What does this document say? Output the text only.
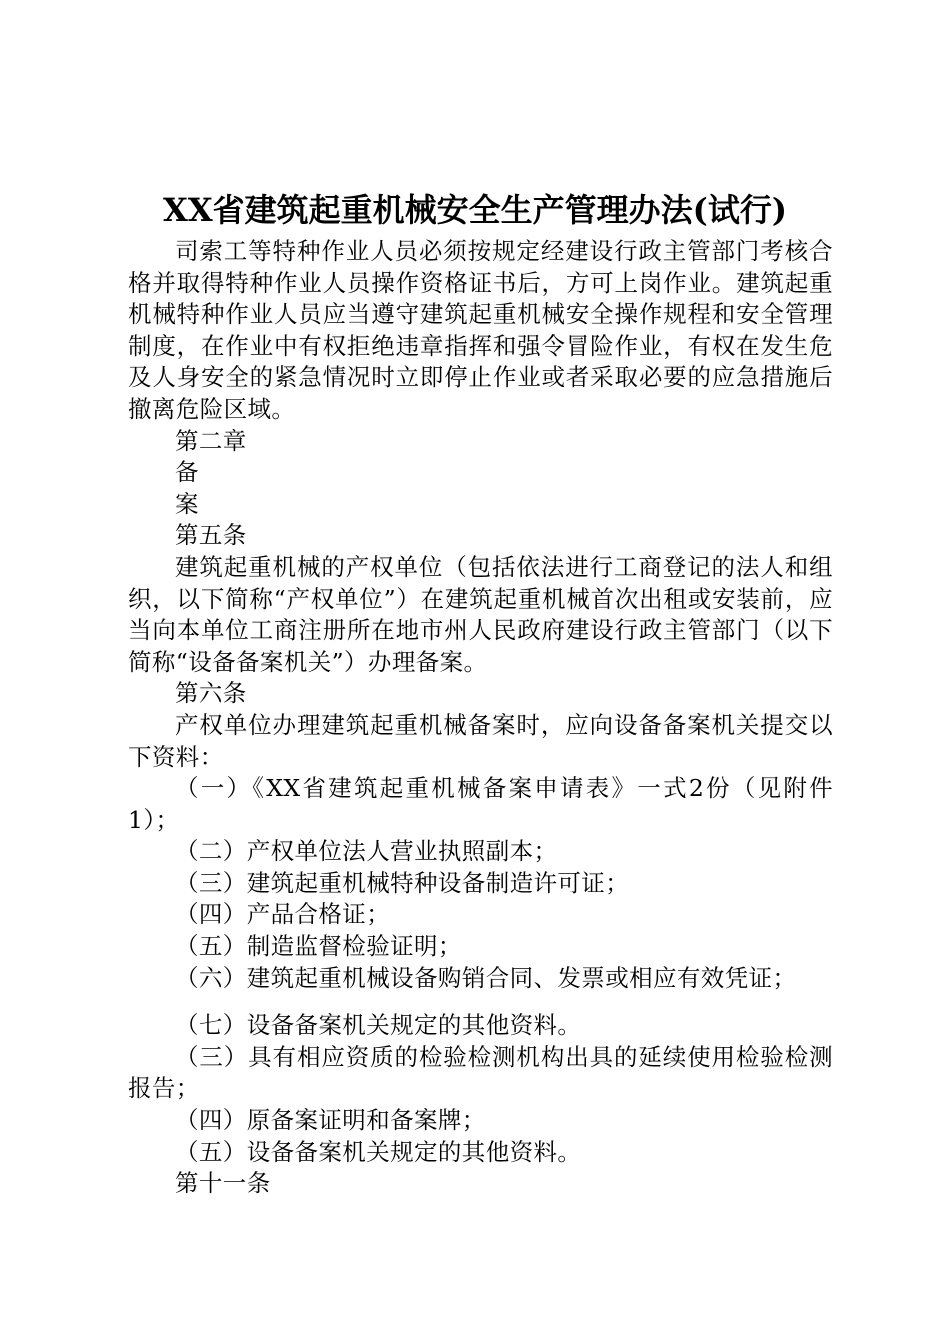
XX省建筑起重机械安全生产管理办法(试行)

司索工等特种作业人员必须按规定经建设行政主管部门考核合格并取得特种作业人员操作资格证书后，方可上岗作业。建筑起重机械特种作业人员应当遵守建筑起重机械安全操作规程和安全管理制度，在作业中有权拒绝违章指挥和强令冒险作业，有权在发生危及人身安全的紧急情况时立即停止作业或者采取必要的应急措施后撤离危险区域。

第二章

备

案

第五条

建筑起重机械的产权单位（包括依法进行工商登记的法人和组织，以下简称“产权单位”）在建筑起重机械首次出租或安装前，应当向本单位工商注册所在地市州人民政府建设行政主管部门（以下简称“设备备案机关”）办理备案。

第六条

产权单位办理建筑起重机械备案时，应向设备备案机关提交以下资料：

（一）《XX省建筑起重机械备案申请表》一式2份（见附件1）；

（二）产权单位法人营业执照副本；

（三）建筑起重机械特种设备制造许可证；

（四）产品合格证；

（五）制造监督检验证明；

（六）建筑起重机械设备购销合同、发票或相应有效凭证；

（七）设备备案机关规定的其他资料。

（三）具有相应资质的检验检测机构出具的延续使用检验检测报告；

（四）原备案证明和备案牌；

（五）设备备案机关规定的其他资料。

第十一条
